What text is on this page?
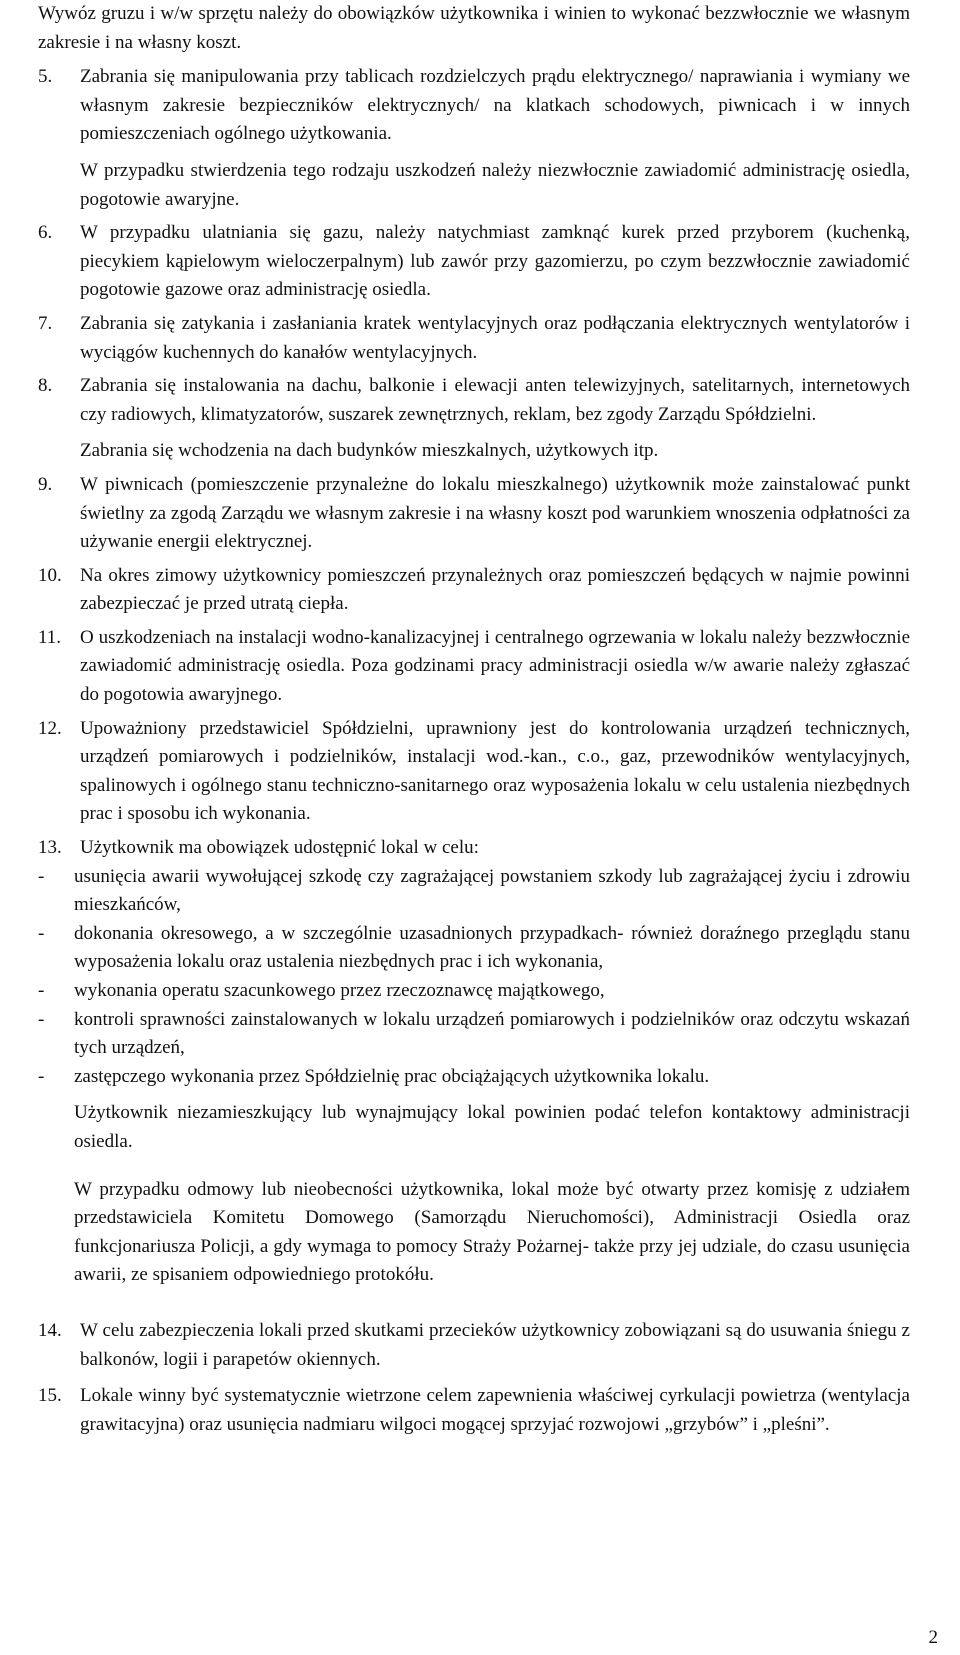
Wywóz gruzu i w/w sprzętu należy do obowiązków użytkownika i winien to wykonać bezzwłocznie we własnym zakresie i na własny koszt.

5.	Zabrania się manipulowania przy tablicach rozdzielczych prądu elektrycznego/ naprawiania i wymiany we własnym zakresie bezpieczników elektrycznych/ na klatkach schodowych, piwnicach i w innych pomieszczeniach ogólnego użytkowania.

W przypadku stwierdzenia tego rodzaju uszkodzeń należy niezwłocznie zawiadomić administrację osiedla, pogotowie awaryjne.

6.	W przypadku ulatniania się gazu, należy natychmiast zamknąć kurek przed przyborem (kuchenką, piecykiem kąpielowym wieloczerpalnym) lub zawór przy gazomierzu, po czym bezzwłocznie zawiadomić pogotowie gazowe oraz administrację osiedla.

7.	Zabrania się zatykania i zasłaniania kratek wentylacyjnych oraz podłączania elektrycznych wentylatorów i wyciągów kuchennych do kanałów wentylacyjnych.

8.	Zabrania się instalowania na dachu, balkonie i elewacji anten telewizyjnych, satelitarnych, internetowych czy radiowych, klimatyzatorów, suszarek zewnętrznych, reklam, bez zgody Zarządu Spółdzielni.

Zabrania się wchodzenia na dach budynków mieszkalnych, użytkowych itp.

9.	W piwnicach (pomieszczenie przynależne do lokalu mieszkalnego) użytkownik może zainstalować punkt świetlny za zgodą Zarządu we własnym zakresie i na własny koszt pod warunkiem wnoszenia odpłatności za używanie energii elektrycznej.

10. Na okres zimowy użytkownicy pomieszczeń przynależnych oraz pomieszczeń będących w najmie powinni zabezpieczać je przed utratą ciepła.

11. O uszkodzeniach na instalacji wodno-kanalizacyjnej i centralnego ogrzewania w lokalu należy bezzwłocznie zawiadomić administrację osiedla. Poza godzinami pracy administracji osiedla w/w awarie należy zgłaszać do pogotowia awaryjnego.

12. Upoważniony przedstawiciel Spółdzielni, uprawniony jest do kontrolowania urządzeń technicznych, urządzeń pomiarowych i podzielników, instalacji wod.-kan., c.o., gaz, przewodników wentylacyjnych, spalinowych i ogólnego stanu techniczno-sanitarnego oraz wyposażenia lokalu w celu ustalenia niezbędnych prac i sposobu ich wykonania.

13. Użytkownik ma obowiązek udostępnić lokal w celu:

-	usunięcia awarii wywołującej szkodę czy zagrażającej powstaniem szkody lub zagrażającej życiu i zdrowiu mieszkańców,
-	dokonania okresowego, a w szczególnie uzasadnionych przypadkach- również doraźnego przeglądu stanu wyposażenia lokalu oraz ustalenia niezbędnych prac i ich wykonania,
-	wykonania operatu szacunkowego przez rzeczoznawcę majątkowego,
-	kontroli sprawności zainstalowanych w lokalu urządzeń pomiarowych i podzielników oraz odczytu wskazań tych urządzeń,
-	zastępczego wykonania przez Spółdzielnię prac obciążających użytkownika lokalu.

Użytkownik niezamieszkujący lub wynajmujący lokal powinien podać telefon kontaktowy administracji osiedla.

W przypadku odmowy lub nieobecności użytkownika, lokal może być otwarty przez komisję z udziałem przedstawiciela Komitetu Domowego (Samorządu Nieruchomości), Administracji Osiedla oraz funkcjonariusza Policji, a gdy wymaga to pomocy Straży Pożarnej- także przy jej udziale, do czasu usunięcia awarii, ze spisaniem odpowiedniego protokółu.

14. W celu zabezpieczenia lokali przed skutkami przecieków użytkownicy zobowiązani są do usuwania śniegu z balkonów, logii i parapetów okiennych.

15. Lokale winny być systematycznie wietrzone celem zapewnienia właściwej cyrkulacji powietrza (wentylacja grawitacyjna) oraz usunięcia nadmiaru wilgoci mogącej sprzyjać rozwojowi „grzybów” i „pleśni”.

2
